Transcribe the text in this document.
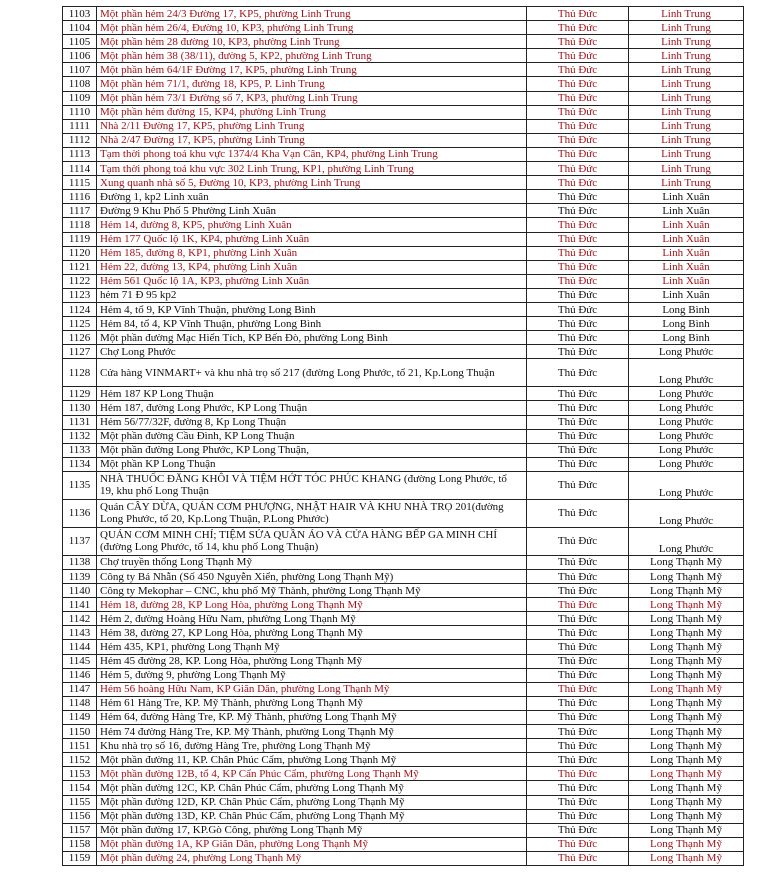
1103	Một phần hẻm 24/3 Đường 17, KP5, phường Linh Trung	Thủ Đức	Linh Trung
1104	Một phần hẻm 26/4, Đường 10, KP3, phường Linh Trung	Thủ Đức	Linh Trung
1105	Một phần hẻm 28 đường 10, KP3, phường Linh Trung	Thủ Đức	Linh Trung
1106	Một phần hẻm 38 (38/11), đường 5, KP2, phường Linh Trung	Thủ Đức	Linh Trung
1107	Một phần hẻm 64/1F Đường 17, KP5, phường Linh Trung	Thủ Đức	Linh Trung
1108	Một phần hẻm 71/1, đường 18, KP5, P. Linh Trung	Thủ Đức	Linh Trung
1109	Một phần hẻm 73/1 Đường số 7, KP3, phường Linh Trung	Thủ Đức	Linh Trung
1110	Một phần hẻm đường 15, KP4, phường Linh Trung	Thủ Đức	Linh Trung
1111	Nhà 2/11 Đường 17, KP5, phường Linh Trung	Thủ Đức	Linh Trung
1112	Nhà 2/47 Đường 17, KP5, phường Linh Trung	Thủ Đức	Linh Trung
1113	Tạm thời phong toả khu vực 1374/4 Kha Vạn Cân, KP4, phường Linh Trung	Thủ Đức	Linh Trung
1114	Tạm thời phong toả khu vực 302 Linh Trung, KP1, phường Linh Trung	Thủ Đức	Linh Trung
1115	Xung quanh nhà số 5, Đường 10, KP3, phường Linh Trung	Thủ Đức	Linh Trung
1116	Đường 1, kp2 Linh xuân	Thủ Đức	Linh Xuân
1117	Đường 9 Khu Phố 5 Phường Linh Xuân	Thủ Đức	Linh Xuân
1118	Hẻm 14, đường 8, KP5, phường Linh Xuân	Thủ Đức	Linh Xuân
1119	Hẻm 177 Quốc lộ 1K, KP4, phường Linh Xuân	Thủ Đức	Linh Xuân
1120	Hẻm 185, đường 8, KP1, phường Linh Xuân	Thủ Đức	Linh Xuân
1121	Hẻm 22, đường 13, KP4, phường Linh Xuân	Thủ Đức	Linh Xuân
1122	Hẻm 561 Quốc lộ 1A, KP3, phường Linh Xuân	Thủ Đức	Linh Xuân
1123	hẻm 71 Đ 95 kp2	Thủ Đức	Linh Xuân
1124	Hẻm 4, tổ 9, KP Vĩnh Thuận, phường Long Bình	Thủ Đức	Long Bình
1125	Hẻm 84, tổ 4, KP Vĩnh Thuận, phường Long Bình	Thủ Đức	Long Bình
1126	Một phần đường Mạc Hiển Tích, KP Bến Đò, phường Long Bình	Thủ Đức	Long Bình
1127	Chợ Long Phước	Thủ Đức	Long Phước
1128	Cửa hàng VINMART+ và khu nhà trọ số 217 (đường Long Phước, tổ 21, Kp.Long Thuận	Thủ Đức	Long Phước
1129	Hẻm 187 KP Long Thuận	Thủ Đức	Long Phước
1130	Hẻm 187, đường Long Phước, KP Long Thuận	Thủ Đức	Long Phước
1131	Hẻm 56/77/32F, đường 8, Kp Long Thuận	Thủ Đức	Long Phước
1132	Một phần đường Cầu Đình, KP Long Thuận	Thủ Đức	Long Phước
1133	Một phần đường Long Phước, KP Long Thuận,	Thủ Đức	Long Phước
1134	Một phần KP Long Thuận	Thủ Đức	Long Phước
1135	NHÀ THUỐC ĐĂNG KHÔI VÀ TIỆM HỚT TÓC PHÚC KHANG (đường Long Phước, tổ 19, khu phố Long Thuận	Thủ Đức	Long Phước
1136	Quán CÂY DỪA, QUÁN CƠM PHƯỢNG, NHẬT HAIR VÀ KHU NHÀ TRỌ 201(đường Long Phước, tổ 20, Kp.Long Thuận, P.Long Phước)	Thủ Đức	Long Phước
1137	QUÁN CƠM MINH CHÍ; TIỆM SỬA QUẦN ÁO VÀ CỬA HÀNG BẾP GA MINH CHÍ (đường Long Phước, tổ 14, khu phố Long Thuận)	Thủ Đức	Long Phước
1138	Chợ truyền thống Long Thạnh Mỹ	Thủ Đức	Long Thạnh Mỹ
1139	Công ty Bá Nhẫn (Số 450 Nguyễn Xiển, phường Long Thạnh Mỹ)	Thủ Đức	Long Thạnh Mỹ
1140	Công ty Mekophar – CNC, khu phố Mỹ Thành, phường Long Thạnh Mỹ	Thủ Đức	Long Thạnh Mỹ
1141	Hẻm 18, đường 28, KP Long Hòa, phường Long Thạnh Mỹ	Thủ Đức	Long Thạnh Mỹ
1142	Hẻm 2, đường Hoàng Hữu Nam, phường Long Thạnh Mỹ	Thủ Đức	Long Thạnh Mỹ
1143	Hẻm 38, đường 27, KP Long Hòa, phường Long Thạnh Mỹ	Thủ Đức	Long Thạnh Mỹ
1144	Hẻm 435, KP1, phường Long Thạnh Mỹ	Thủ Đức	Long Thạnh Mỹ
1145	Hẻm 45 đường 28, KP. Long Hòa, phường Long Thạnh Mỹ	Thủ Đức	Long Thạnh Mỹ
1146	Hẻm 5, đường 9, phường Long Thạnh Mỹ	Thủ Đức	Long Thạnh Mỹ
1147	Hẻm 56 hoàng Hữu Nam, KP Giãn Dân, phường Long Thạnh Mỹ	Thủ Đức	Long Thạnh Mỹ
1148	Hẻm 61 Hàng Tre, KP. Mỹ Thành, phường Long Thạnh Mỹ	Thủ Đức	Long Thạnh Mỹ
1149	Hẻm 64, đường Hàng Tre, KP. Mỹ Thành, phường Long Thạnh Mỹ	Thủ Đức	Long Thạnh Mỹ
1150	Hẻm 74 đường Hàng Tre, KP. Mỹ Thành, phường Long Thạnh Mỹ	Thủ Đức	Long Thạnh Mỹ
1151	Khu nhà trọ số 16, đường Hàng Tre, phường Long Thạnh Mỹ	Thủ Đức	Long Thạnh Mỹ
1152	Một phần đường 11, KP. Chân Phúc Cẩm, phường Long Thạnh Mỹ	Thủ Đức	Long Thạnh Mỹ
1153	Một phần đường 12B, tổ 4, KP Cẩn Phúc Cẩm, phường Long Thạnh Mỹ	Thủ Đức	Long Thạnh Mỹ
1154	Một phần đường 12C, KP. Chân Phúc Cẩm, phường Long Thạnh Mỹ	Thủ Đức	Long Thạnh Mỹ
1155	Một phần đường 12D, KP. Chân Phúc Cẩm, phường Long Thạnh Mỹ	Thủ Đức	Long Thạnh Mỹ
1156	Một phần đường 13D, KP. Chân Phúc Cẩm, phường Long Thạnh Mỹ	Thủ Đức	Long Thạnh Mỹ
1157	Một phần đường 17, KP.Gò Công, phường Long Thạnh Mỹ	Thủ Đức	Long Thạnh Mỹ
1158	Một phần đường 1A, KP Giãn Dân, phường Long Thạnh Mỹ	Thủ Đức	Long Thạnh Mỹ
1159	Một phần đường 24, phường Long Thạnh Mỹ	Thủ Đức	Long Thạnh Mỹ
